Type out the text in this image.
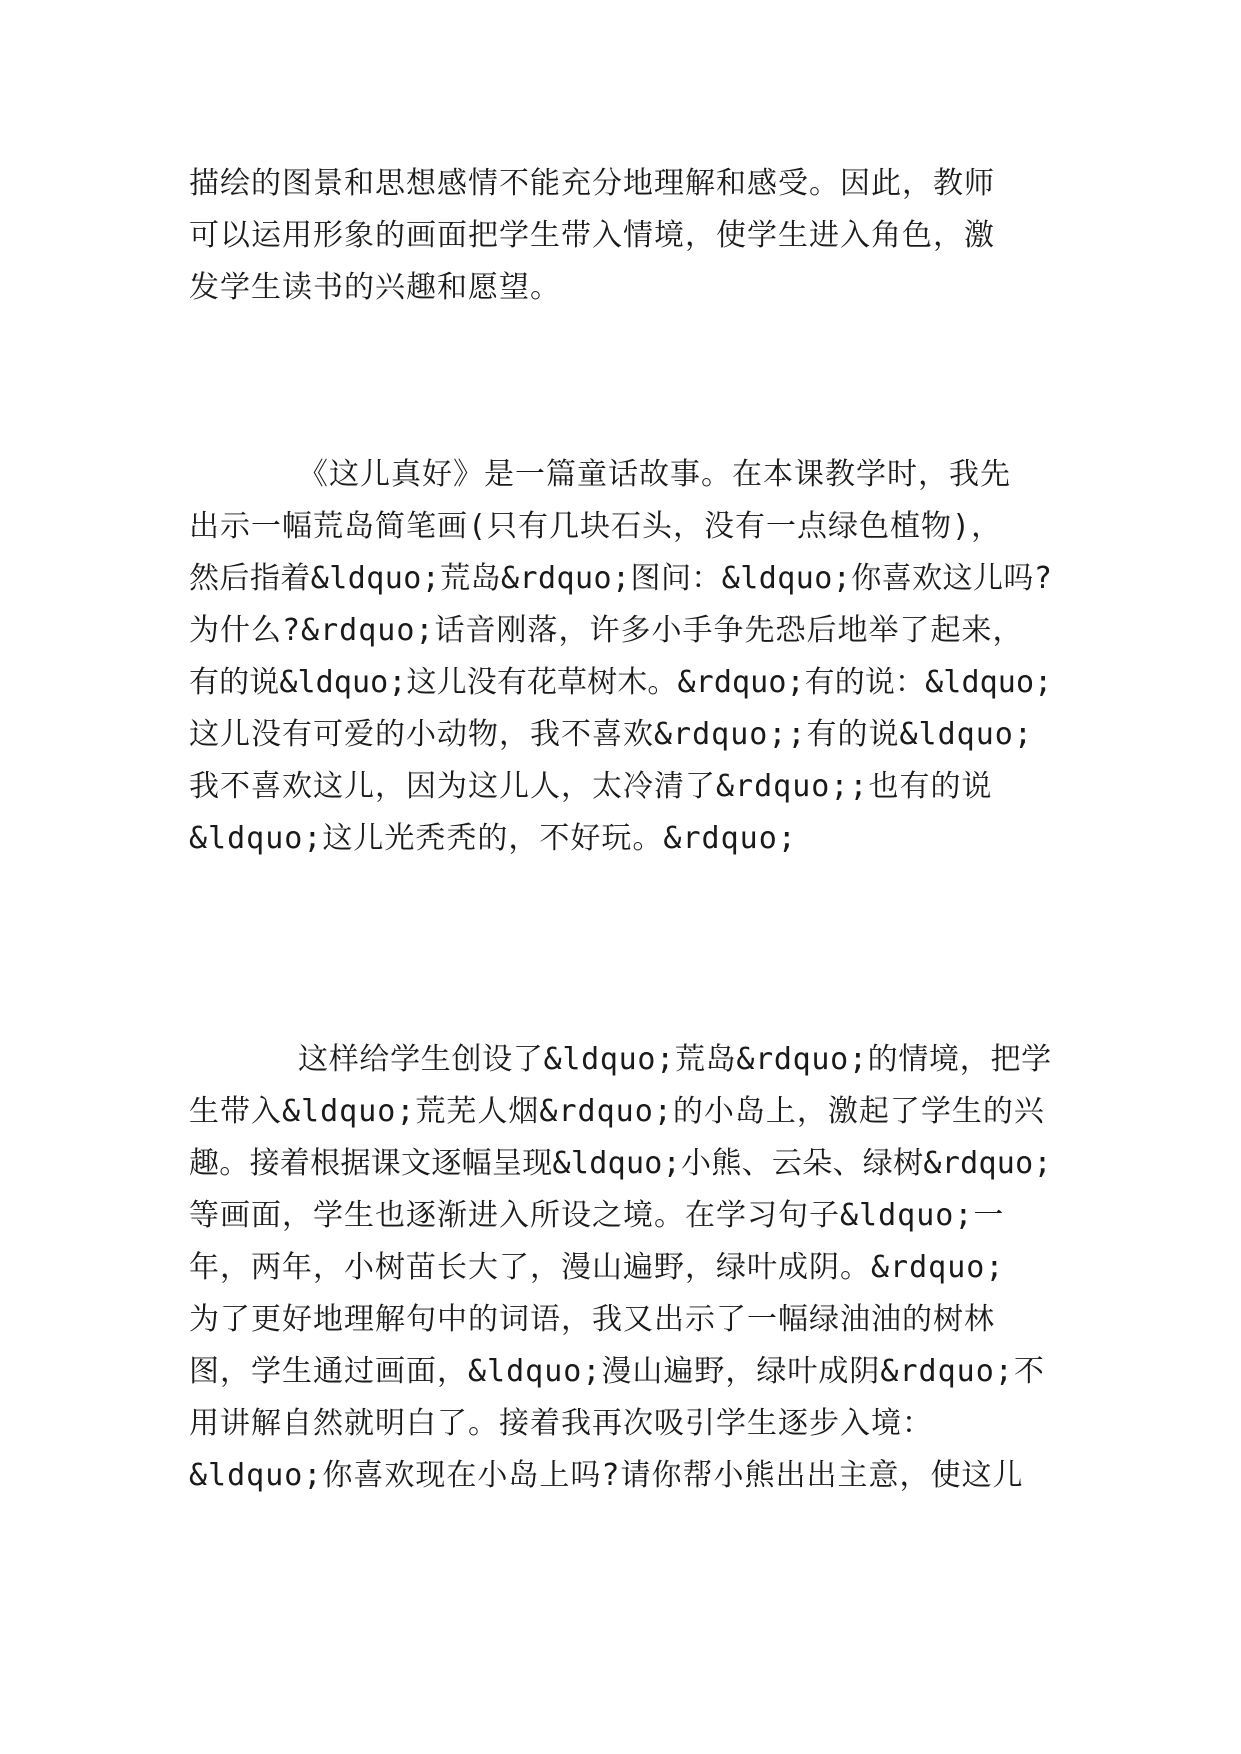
描绘的图景和思想感情不能充分地理解和感受。因此，教师
可以运用形象的画面把学生带入情境，使学生进入角色，激
发学生读书的兴趣和愿望。
《这儿真好》是一篇童话故事。在本课教学时，我先
出示一幅荒岛简笔画(只有几块石头，没有一点绿色植物)，
然后指着&ldquo;荒岛&rdquo;图问：&ldquo;你喜欢这儿吗?
为什么?&rdquo;话音刚落，许多小手争先恐后地举了起来，
有的说&ldquo;这儿没有花草树木。&rdquo;有的说：&ldquo;
这儿没有可爱的小动物，我不喜欢&rdquo;;有的说&ldquo;
我不喜欢这儿，因为这儿人，太冷清了&rdquo;;也有的说
&ldquo;这儿光秃秃的，不好玩。&rdquo;
这样给学生创设了&ldquo;荒岛&rdquo;的情境，把学
生带入&ldquo;荒芜人烟&rdquo;的小岛上，激起了学生的兴
趣。接着根据课文逐幅呈现&ldquo;小熊、云朵、绿树&rdquo;
等画面，学生也逐渐进入所设之境。在学习句子&ldquo;一
年，两年，小树苗长大了，漫山遍野，绿叶成阴。&rdquo;
为了更好地理解句中的词语，我又出示了一幅绿油油的树林
图，学生通过画面，&ldquo;漫山遍野，绿叶成阴&rdquo;不
用讲解自然就明白了。接着我再次吸引学生逐步入境：
&ldquo;你喜欢现在小岛上吗?请你帮小熊出出主意，使这儿
